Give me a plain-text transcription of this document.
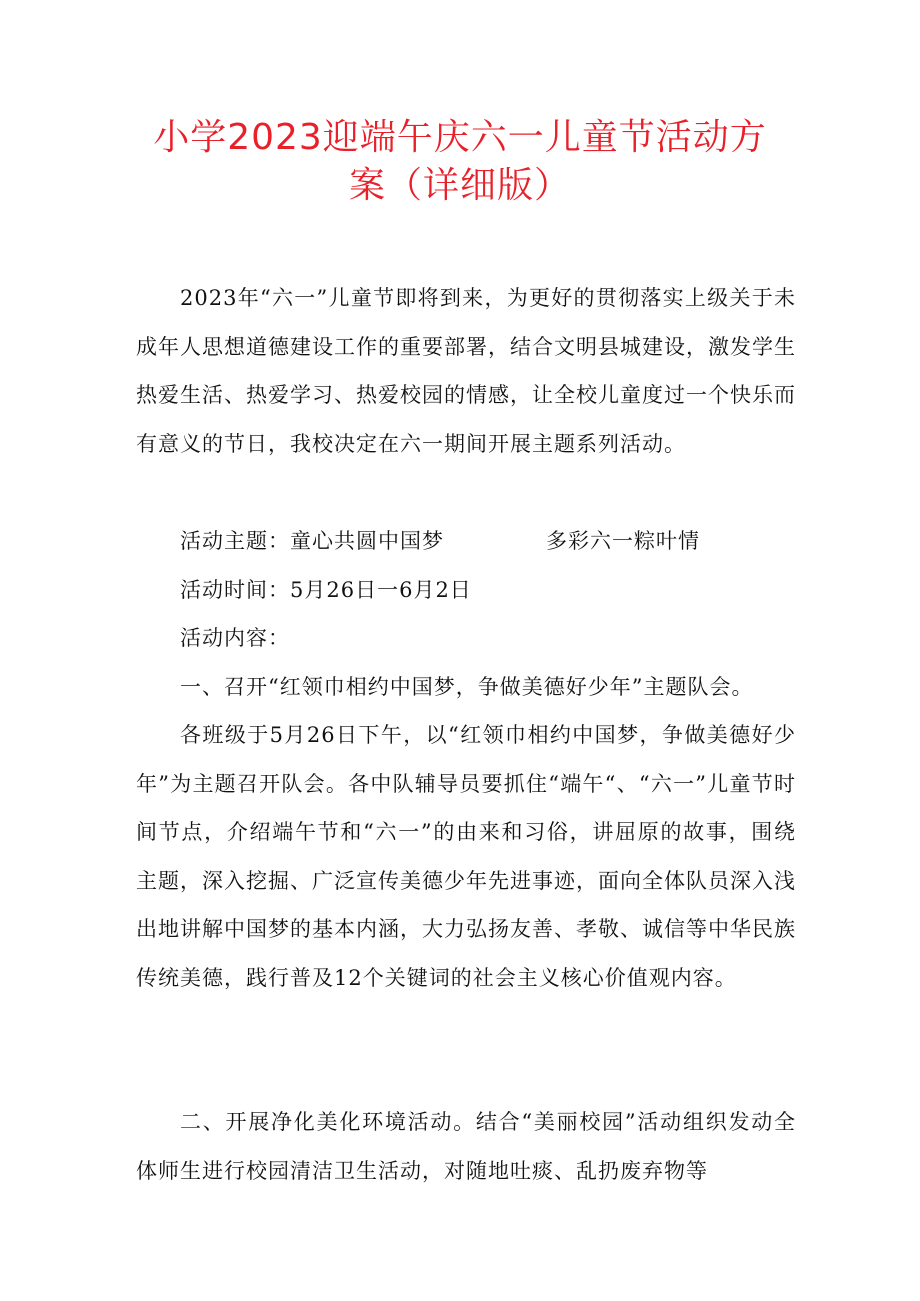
小学2023迎端午庆六一儿童节活动方
案（详细版）

2023年“六一”儿童节即将到来，为更好的贯彻落实上级关于未成年人思想道德建设工作的重要部署，结合文明县城建设，激发学生热爱生活、热爱学习、热爱校园的情感，让全校儿童度过一个快乐而有意义的节日，我校决定在六一期间开展主题系列活动。

活动主题：童心共圆中国梦	多彩六一粽叶情

活动时间：5月26日一6月2日

活动内容：

一、召开“红领巾相约中国梦，争做美德好少年”主题队会。

各班级于5月26日下午，以“红领巾相约中国梦，争做美德好少年”为主题召开队会。各中队辅导员要抓住“端午“、“六一”儿童节时间节点，介绍端午节和“六一”的由来和习俗，讲屈原的故事，围绕主题，深入挖掘、广泛宣传美德少年先进事迹，面向全体队员深入浅出地讲解中国梦的基本内涵，大力弘扬友善、孝敬、诚信等中华民族传统美德，践行普及12个关键词的社会主义核心价值观内容。

二、开展净化美化环境活动。结合“美丽校园”活动组织发动全体师生进行校园清洁卫生活动，对随地吐痰、乱扔废弃物等
